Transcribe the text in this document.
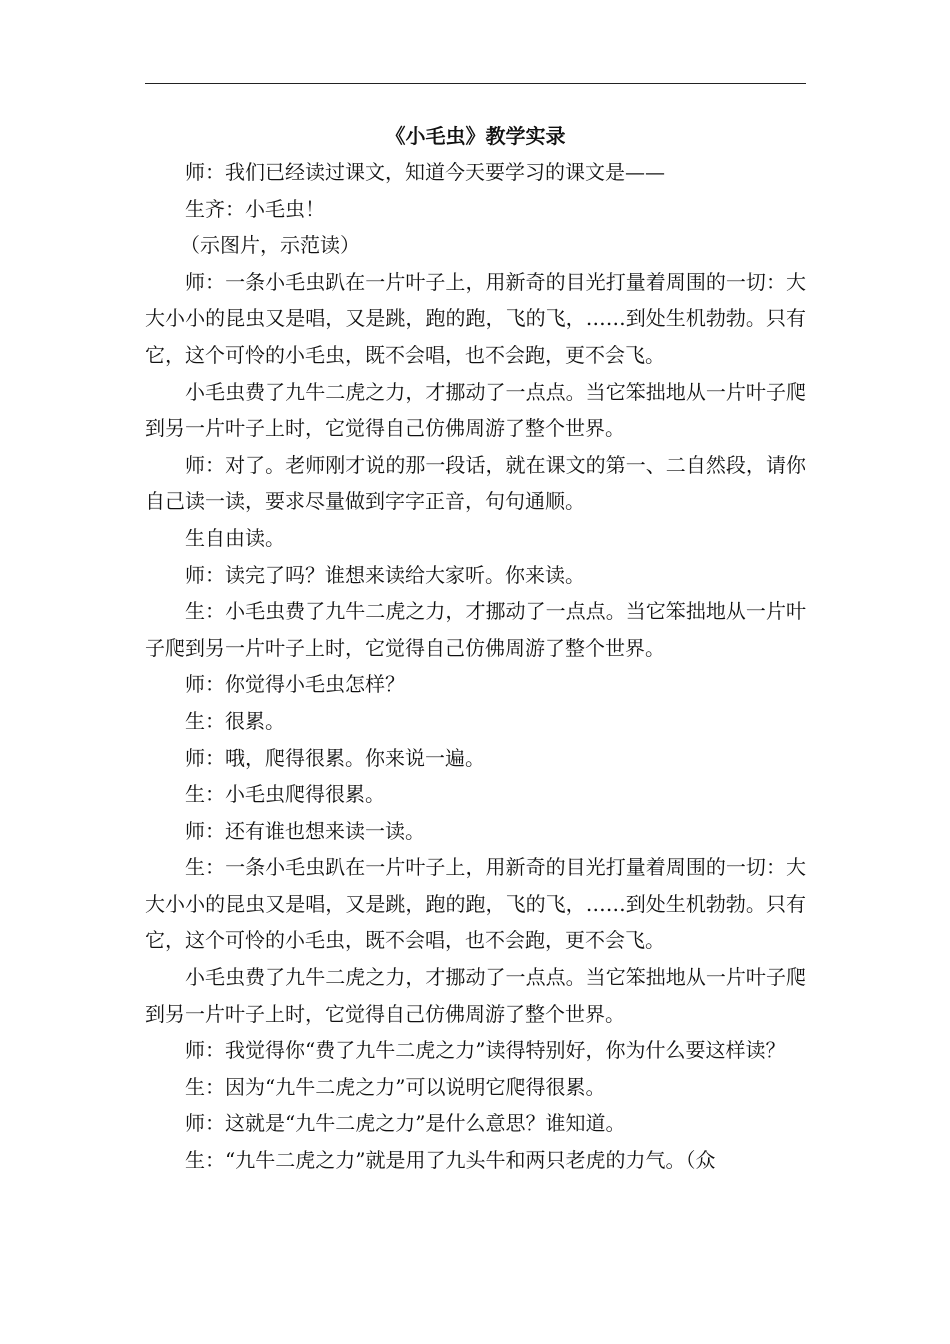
《小毛虫》教学实录

师：我们已经读过课文，知道今天要学习的课文是——

生齐：小毛虫！

（示图片，示范读）

师：一条小毛虫趴在一片叶子上，用新奇的目光打量着周围的一切：大大小小的昆虫又是唱，又是跳，跑的跑，飞的飞，……到处生机勃勃。只有它，这个可怜的小毛虫，既不会唱，也不会跑，更不会飞。

小毛虫费了九牛二虎之力，才挪动了一点点。当它笨拙地从一片叶子爬到另一片叶子上时，它觉得自己仿佛周游了整个世界。

师：对了。老师刚才说的那一段话，就在课文的第一、二自然段，请你自己读一读，要求尽量做到字字正音，句句通顺。

生自由读。

师：读完了吗？谁想来读给大家听。你来读。

生：小毛虫费了九牛二虎之力，才挪动了一点点。当它笨拙地从一片叶子爬到另一片叶子上时，它觉得自己仿佛周游了整个世界。

师：你觉得小毛虫怎样？

生：很累。

师：哦，爬得很累。你来说一遍。

生：小毛虫爬得很累。

师：还有谁也想来读一读。

生：一条小毛虫趴在一片叶子上，用新奇的目光打量着周围的一切：大大小小的昆虫又是唱，又是跳，跑的跑，飞的飞，……到处生机勃勃。只有它，这个可怜的小毛虫，既不会唱，也不会跑，更不会飞。

小毛虫费了九牛二虎之力，才挪动了一点点。当它笨拙地从一片叶子爬到另一片叶子上时，它觉得自己仿佛周游了整个世界。

师：我觉得你“费了九牛二虎之力”读得特别好，你为什么要这样读？

生：因为“九牛二虎之力”可以说明它爬得很累。

师：这就是“九牛二虎之力”是什么意思？谁知道。

生：“九牛二虎之力”就是用了九头牛和两只老虎的力气。（众
